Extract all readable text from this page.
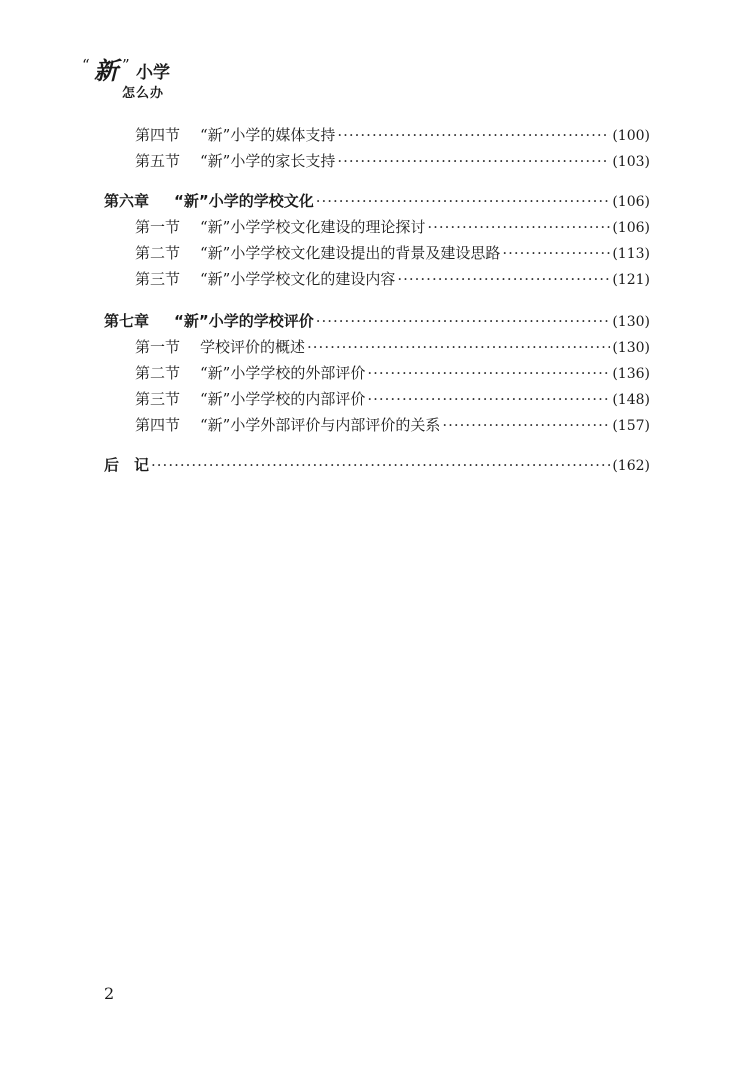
“ 新 ” 小学
怎么办
第四节	“新”小学的媒体支持 ·····	(100)
第五节	“新”小学的家长支持 ·····	(103)
第六章	“新”小学的学校文化 ·····	(106)
第一节	“新”小学学校文化建设的理论探讨 ·····	(106)
第二节	“新”小学学校文化建设提出的背景及建设思路 ·····	(113)
第三节	“新”小学学校文化的建设内容 ·····	(121)
第七章	“新”小学的学校评价 ·····	(130)
第一节	学校评价的概述 ·····	(130)
第二节	“新”小学学校的外部评价 ·····	(136)
第三节	“新”小学学校的内部评价 ·····	(148)
第四节	“新”小学外部评价与内部评价的关系 ·····	(157)
后　记 ·····	(162)
2
